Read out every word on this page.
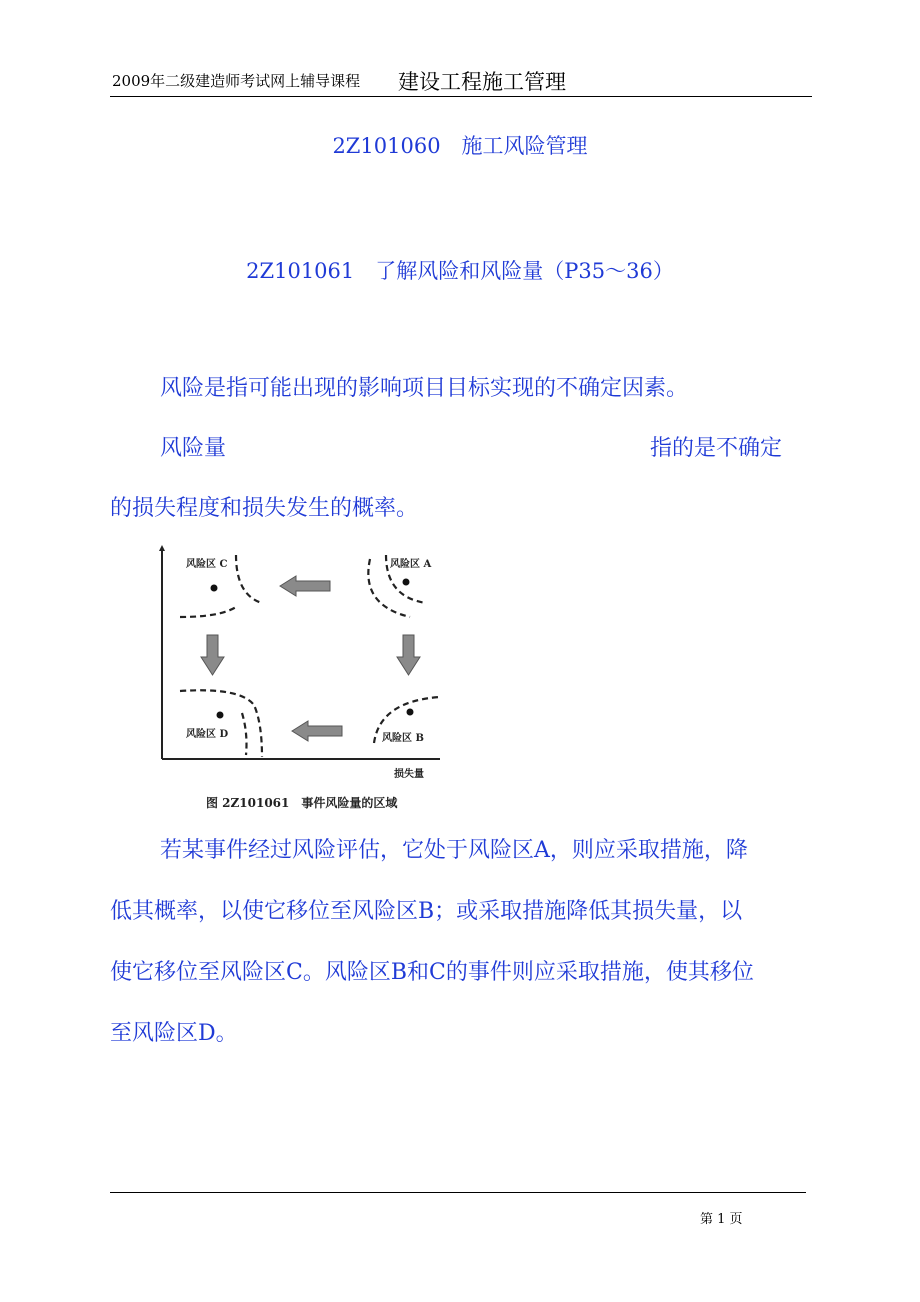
2009年二级建造师考试网上辅导课程 建设工程施工管理
2Z101060　施工风险管理
2Z101061　了解风险和风险量（P35～36）
风险是指可能出现的影响项目目标实现的不确定因素。
风险量	指的是不确定
的损失程度和损失发生的概率。
风险区 C	风险区 A
风险区 D	风险区 B
损失量
图 2Z101061　事件风险量的区域
若某事件经过风险评估，它处于风险区A，则应采取措施，降
低其概率，以使它移位至风险区B；或采取措施降低其损失量，以
使它移位至风险区C。风险区B和C的事件则应采取措施，使其移位
至风险区D。
第 1 页
